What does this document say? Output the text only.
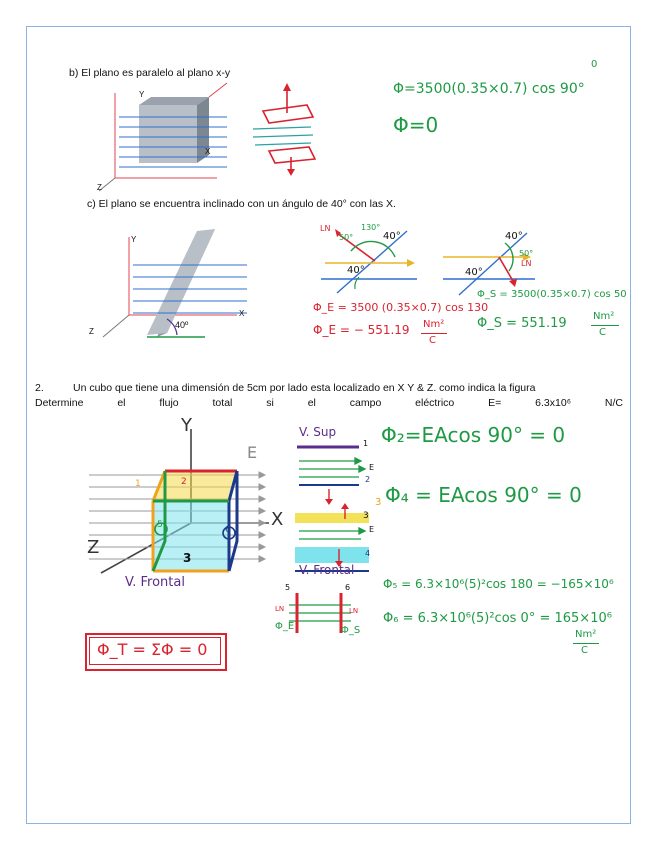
b) El plano es paralelo al plano x-y
Y
X
Z
Φ=3500(0.35×0.7) cos 90°
0
Φ=0
c) El plano se encuentra inclinado con un ángulo de 40° con las X.
Y
X
Z
40º
LN
50°
130°
40°
40°
40°
50°
LN
40°
Φ_E = 3500 (0.35×0.7) cos 130
Φ_E = − 551.19 Nm²
C
Φ_S = 3500(0.35×0.7) cos 50
Φ_S = 551.19	Nm²
C
2.	Un cubo que tiene una dimensión de 5cm por lado esta localizado en X Y & Z. como indica la figura
Determine	el	flujo	total	si	el	campo	eléctrico	E=	6.3x10⁶	N/C
Y
X
Z
E
5
2
6
1
3
V. Frontal
V. Sup
1
E
2
3
E
4
V. Frontal
5	6
LN	LN
Φ_E	Φ_S
Φ₂=EAcos 90° = 0
3 Φ₄ = EAcos 90° = 0
Φ₅ = 6.3×10⁶(5)²cos 180 = −165×10⁶
Φ₆ = 6.3×10⁶(5)²cos 0° = 165×10⁶
Nm²
C
Φ_T = ΣΦ = 0
